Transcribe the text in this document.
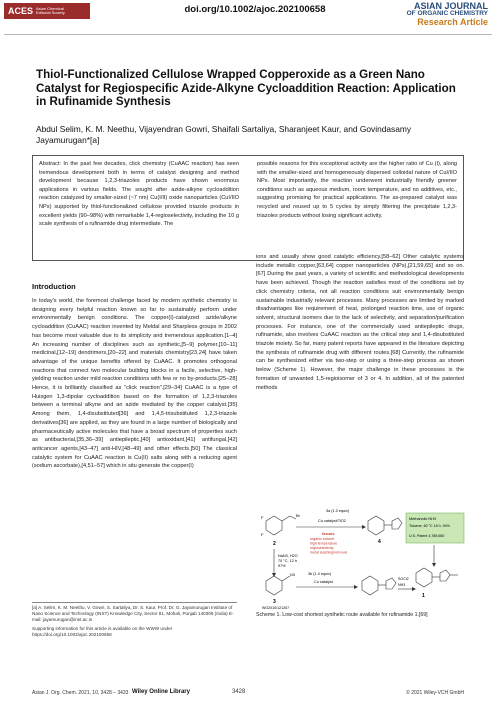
ACES Asian Chemical Editorial Society	doi.org/10.1002/ajoc.202100658	ASIAN JOURNAL
OF ORGANIC CHEMISTRY
Research Article
Thiol-Functionalized Cellulose Wrapped Copperoxide as a Green Nano Catalyst for Regiospecific Azide-Alkyne Cycloaddition Reaction: Application in Rufinamide Synthesis
Abdul Selim, K. M. Neethu, Vijayendran Gowri, Shaifali Sartaliya, Sharanjeet Kaur, and Govindasamy Jayamurugan*[a]
Abstract: In the past few decades, click chemistry (CuAAC reaction) has seen tremendous development both in terms of catalyst designing and method development because 1,2,3-triazoles products have shown enormous applications in various fields. The sought after azide-alkyne cycloaddition reaction catalyzed by smaller-sized (~7 nm) Cu(I/II) oxide nanoparticles (CuI/IIO NPs) supported by thiol-functionalized cellulose provided triazole products in excellent yields (90–98%) with remarkable 1,4-regioselectivity, including the 10 g scale synthesis of a rufinamide drug intermediate. The
possible reasons for this exceptional activity are the higher ratio of Cu (I), along with the smaller-sized and homogeneously dispersed colloidal nature of CuI/IIO NPs. Most importantly, the reaction underwent industrially friendly greener conditions such as aqueous medium, room temperature, and no additives, etc., suggesting promising for practical applications. The as-prepared catalyst was recycled and reused up to 5 cycles by simply filtering the precipitate 1,2,3-triazoles products without losing significant activity.
Introduction
In today's world, the foremost challenge faced by modern synthetic chemistry is designing every helpful reaction known so far to sustainably perform under environmentally benign conditions. The copper(I)-catalyzed azide/alkyne cycloaddition (CuAAC) reaction invented by Meldal and Sharpless groups in 2002 has become most valuable due to its simplicity and tremendous application.[1–4] An increasing number of disciplines such as synthetic,[5–9] polymer,[10–11] medicinal,[12–19] dendrimers,[20–22] and materials chemistry[23,24] have taken advantage of the unique benefits offered by CuAAC. It promotes orthogonal reactions that connect two molecular building blocks in a facile, selective, high-yielding reaction under mild reaction conditions with few or no by-products.[25–28] Hence, it is brilliantly classified as "click reaction".[29–34] CuAAC is a type of Huisgen 1,3-dipolar cycloaddition based on the formation of 1,2,3-triazoles between a terminal alkyne and an azide mediated by the copper catalyst.[35] Among them, 1,4-disubstituted[36] and 1,4,5-trisubstituted 1,2,3-triazole derivatives[36] are applied, as they are found in a large number of biologically and pharmaceutically active molecules that have a broad spectrum of properties such as antibacterial,[35,36–39] antiepileptic,[40] antioxidant,[41] antifungal,[42] anticancer agents,[43–47] anti-HIV,[48–49] and other effects.[50] The classical catalytic system for CuAAC reaction is Cu(II) salts along with a reducing agent (sodium ascorbate),[4,51–57] which in situ generate the copper(I)
ions and usually show good catalytic efficiency.[58–62] Other catalytic systems include metallic copper,[63,64] copper nanoparticles (NPs),[21,59,65] and so on.[67] During the past years, a variety of scientific and methodological developments have been achieved. Though the reaction satisfies most of the conditions set by click chemistry criteria, not all reaction conditions suit environmentally benign sustainable industrially relevant processes. Many processes are limited by marked disadvantages like requirement of heat, prolonged reaction time, use of organic solvent, structural isomers due to the lack of selectivity, and separation/purification processes. For instance, one of the commercially used antiepileptic drugs, rufinamide, also involves CuAAC reaction as the critical step and 1,4-disubstituted triazole moiety. So far, many patent reports have appeared in the literature depicting the synthesis of rufinamide drug with different routes.[68] Currently, the rufinamide can be synthesized either via two-step or using a three-step process as shown below (Scheme 1). However, the major challenge in these processes is the formation of unwanted 1,5-regioisomer of 3 or 4. In addition, all of the patented methods
F
F
Br
2
NaN3, H2O
70 °C, 12 h
97%
N3
3
3a (1.0 equiv)
Cu catalyst/TiO2
Issues
organic solvent
high temperature
regioselectivity
metal leaching/removal
4
Methanolic NH3
Toluene, 60 °C 18 h, 94%
U.S. Patent 4,789,680
1
3b (1.0 equiv)
Cu catalyst
SOCl2
NH3
WO2010/121267
Scheme 1. Low-cost shortest synthetic route available for rufinamide 1.[69]
[a] A. Selim, K. M. Neethu, V. Gowri, S. Sartaliya, Dr. S. Kaur, Prof. Dr. G. Jayamurugan Institute of Nano Science and Technology (INST) Knowledge City, Sector 81, Mohali, Punjab 140306 (India) E-mail: jayamurugan@inst.ac.in
Supporting information for this article is available on the WWW under https://doi.org/10.1002/ajoc.202100658
Asian J. Org. Chem. 2021, 10, 3428 – 3433 Wiley Online Library	3428	© 2021 Wiley-VCH GmbH
